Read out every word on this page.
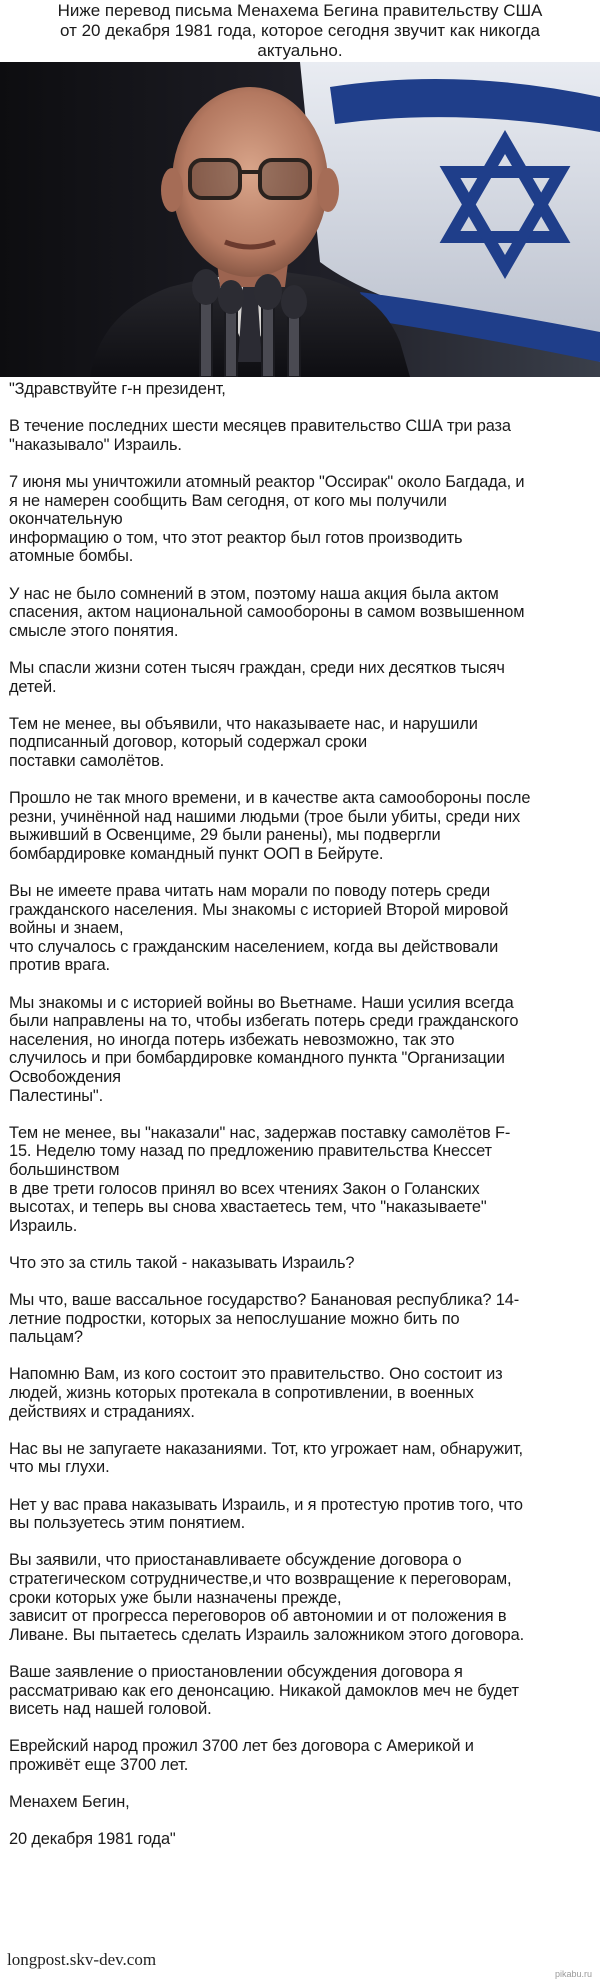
Ниже перевод письма Менахема Бегина правительству США
от 20 декабря 1981 года, которое сегодня звучит как никогда
актуально.

"Здравствуйте г-н президент,

В течение последних шести месяцев правительство США три раза
"наказывало" Израиль.

7 июня мы уничтожили атомный реактор "Оссирак" около Багдада, и
я не намерен сообщить Вам сегодня, от кого мы получили
окончательную
информацию о том, что этот реактор был готов производить
атомные бомбы.

У нас не было сомнений в этом, поэтому наша акция была актом
спасения, актом национальной самообороны в самом возвышенном
смысле этого понятия.

Мы спасли жизни сотен тысяч граждан, среди них десятков тысяч
детей.

Тем не менее, вы объявили, что наказываете нас, и нарушили
подписанный договор, который содержал сроки
поставки самолётов.

Прошло не так много времени, и в качестве акта самообороны после
резни, учинённой над нашими людьми (трое были убиты, среди них
выживший в Освенциме, 29 были ранены), мы подвергли
бомбардировке командный пункт ООП в Бейруте.

Вы не имеете права читать нам морали по поводу потерь среди
гражданского населения. Мы знакомы с историей Второй мировой
войны и знаем,
что случалось с гражданским населением, когда вы действовали
против врага.

Мы знакомы и с историей войны во Вьетнаме. Наши усилия всегда
были направлены на то, чтобы избегать потерь среди гражданского
населения, но иногда потерь избежать невозможно, так это
случилось и при бомбардировке командного пункта "Организации
Освобождения
Палестины".

Тем не менее, вы "наказали" нас, задержав поставку самолётов F-
15. Неделю тому назад по предложению правительства Кнессет
большинством
в две трети голосов принял во всех чтениях Закон о Голанских
высотах, и теперь вы снова хвастаетесь тем, что "наказываете"
Израиль.

Что это за стиль такой - наказывать Израиль?

Мы что, ваше вассальное государство? Банановая республика? 14-
летние подростки, которых за непослушание можно бить по
пальцам?

Напомню Вам, из кого состоит это правительство. Оно состоит из
людей, жизнь которых протекала в сопротивлении, в военных
действиях и страданиях.

Нас вы не запугаете наказаниями. Тот, кто угрожает нам, обнаружит,
что мы глухи.

Нет у вас права наказывать Израиль, и я протестую против того, что
вы пользуетесь этим понятием.

Вы заявили, что приостанавливаете обсуждение договора о
стратегическом сотрудничестве,и что возвращение к переговорам,
сроки которых уже были назначены прежде,
зависит от прогресса переговоров об автономии и от положения в
Ливане. Вы пытаетесь сделать Израиль заложником этого договора.

Ваше заявление о приостановлении обсуждения договора я
рассматриваю как его денонсацию. Никакой дамоклов меч не будет
висеть над нашей головой.

Еврейский народ прожил 3700 лет без договора с Америкой и
проживёт еще 3700 лет.

Менахем Бегин,

20 декабря 1981 года"

longpost.skv-dev.com
pikabu.ru
